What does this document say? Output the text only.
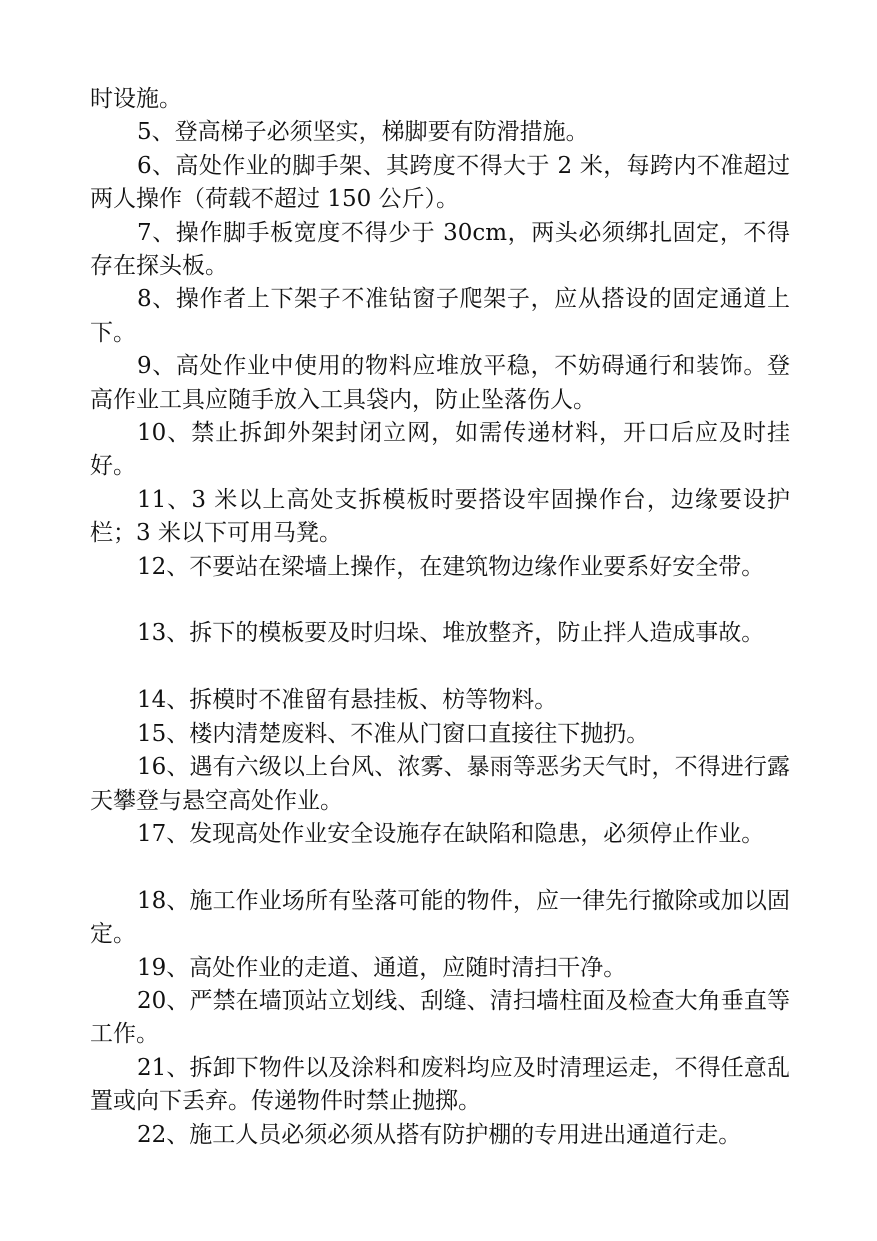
时设施。

5、登高梯子必须坚实，梯脚要有防滑措施。

6、高处作业的脚手架、其跨度不得大于 2 米，每跨内不准超过两人操作（荷载不超过 150 公斤）。

7、操作脚手板宽度不得少于 30cm，两头必须绑扎固定，不得存在探头板。

8、操作者上下架子不准钻窗子爬架子，应从搭设的固定通道上下。

9、高处作业中使用的物料应堆放平稳，不妨碍通行和装饰。登高作业工具应随手放入工具袋内，防止坠落伤人。

10、禁止拆卸外架封闭立网，如需传递材料，开口后应及时挂好。

11、3 米以上高处支拆模板时要搭设牢固操作台，边缘要设护栏；3 米以下可用马凳。

12、不要站在梁墙上操作，在建筑物边缘作业要系好安全带。

13、拆下的模板要及时归垛、堆放整齐，防止拌人造成事故。

14、拆模时不准留有悬挂板、枋等物料。

15、楼内清楚废料、不准从门窗口直接往下抛扔。

16、遇有六级以上台风、浓雾、暴雨等恶劣天气时，不得进行露天攀登与悬空高处作业。

17、发现高处作业安全设施存在缺陷和隐患，必须停止作业。

18、施工作业场所有坠落可能的物件，应一律先行撤除或加以固定。

19、高处作业的走道、通道，应随时清扫干净。

20、严禁在墙顶站立划线、刮缝、清扫墙柱面及检查大角垂直等工作。

21、拆卸下物件以及涂料和废料均应及时清理运走，不得任意乱置或向下丢弃。传递物件时禁止抛掷。

22、施工人员必须必须从搭有防护棚的专用进出通道行走。
